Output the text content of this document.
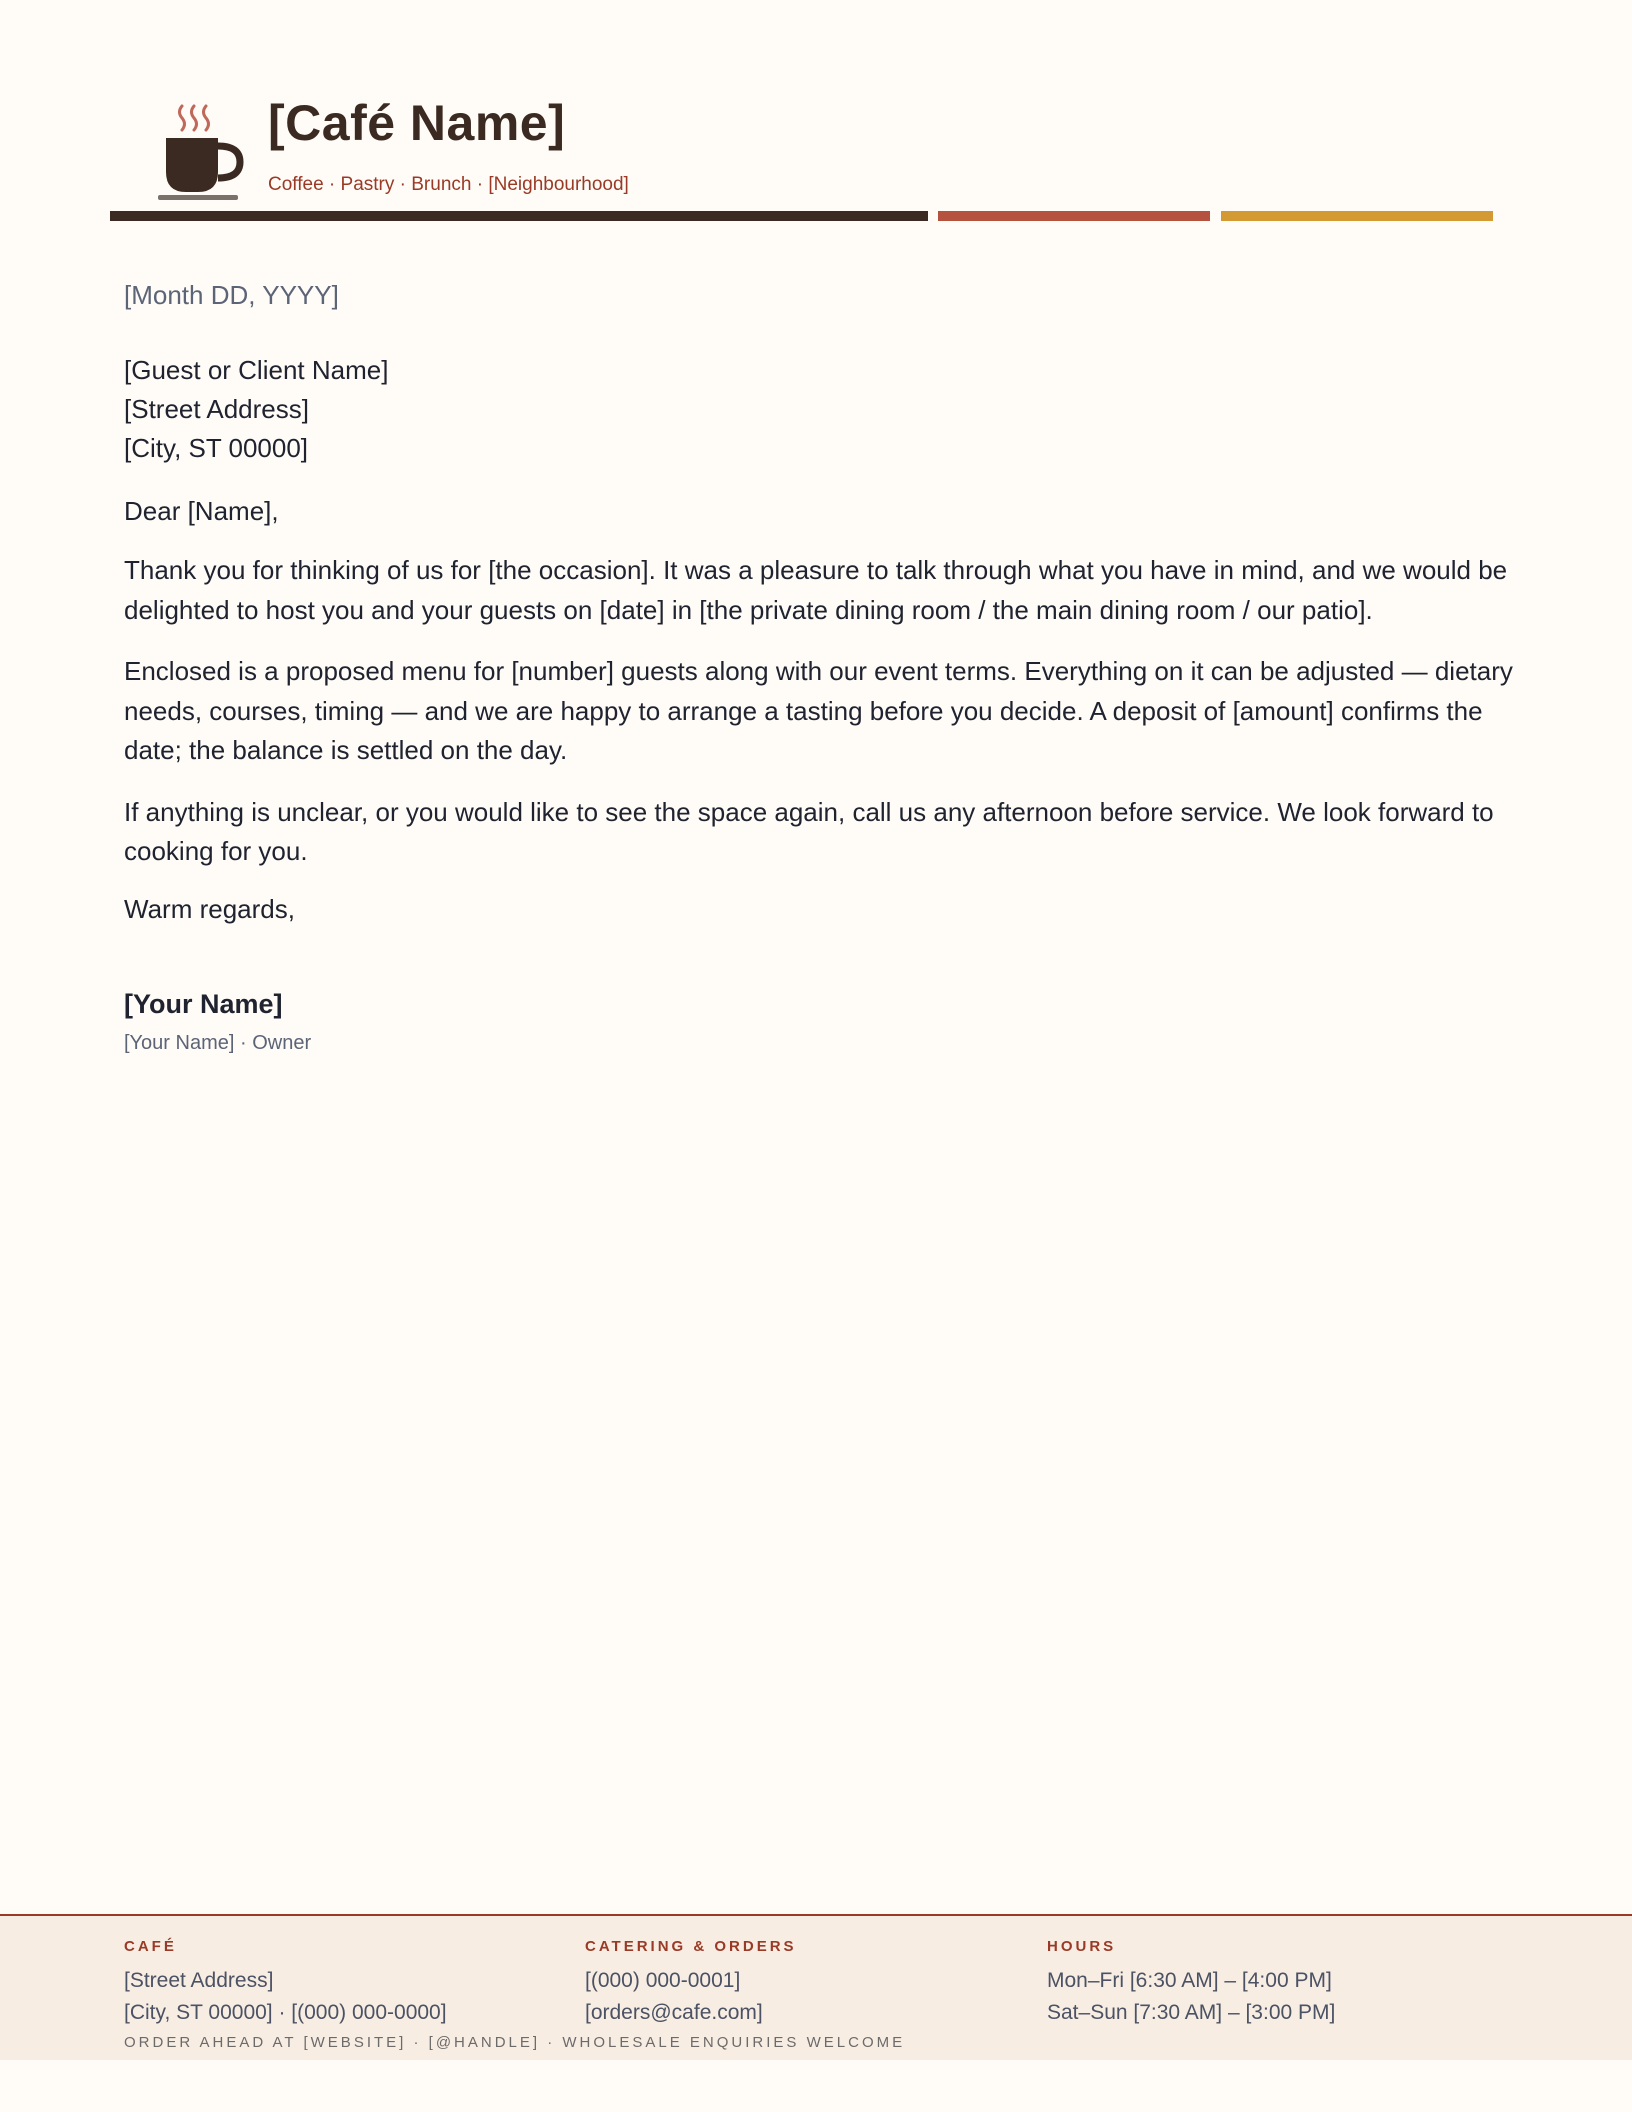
[Café Name]
Coffee · Pastry · Brunch · [Neighbourhood]
[Month DD, YYYY]
[Guest or Client Name]
[Street Address]
[City, ST 00000]
Dear [Name],

Thank you for thinking of us for [the occasion]. It was a pleasure to talk through what you have in mind, and we would be delighted to host you and your guests on [date] in [the private dining room / the main dining room / our patio].

Enclosed is a proposed menu for [number] guests along with our event terms. Everything on it can be adjusted — dietary needs, courses, timing — and we are happy to arrange a tasting before you decide. A deposit of [amount] confirms the date; the balance is settled on the day.

If anything is unclear, or you would like to see the space again, call us any afternoon before service. We look forward to cooking for you.

Warm regards,
[Your Name]
[Your Name] · Owner
CAFÉ
[Street Address]
[City, ST 00000] · [(000) 000-0000]
CATERING & ORDERS
[(000) 000-0001]
[orders@cafe.com]
HOURS
Mon–Fri [6:30 AM] – [4:00 PM]
Sat–Sun [7:30 AM] – [3:00 PM]
ORDER AHEAD AT [WEBSITE] · [@HANDLE] · WHOLESALE ENQUIRIES WELCOME
